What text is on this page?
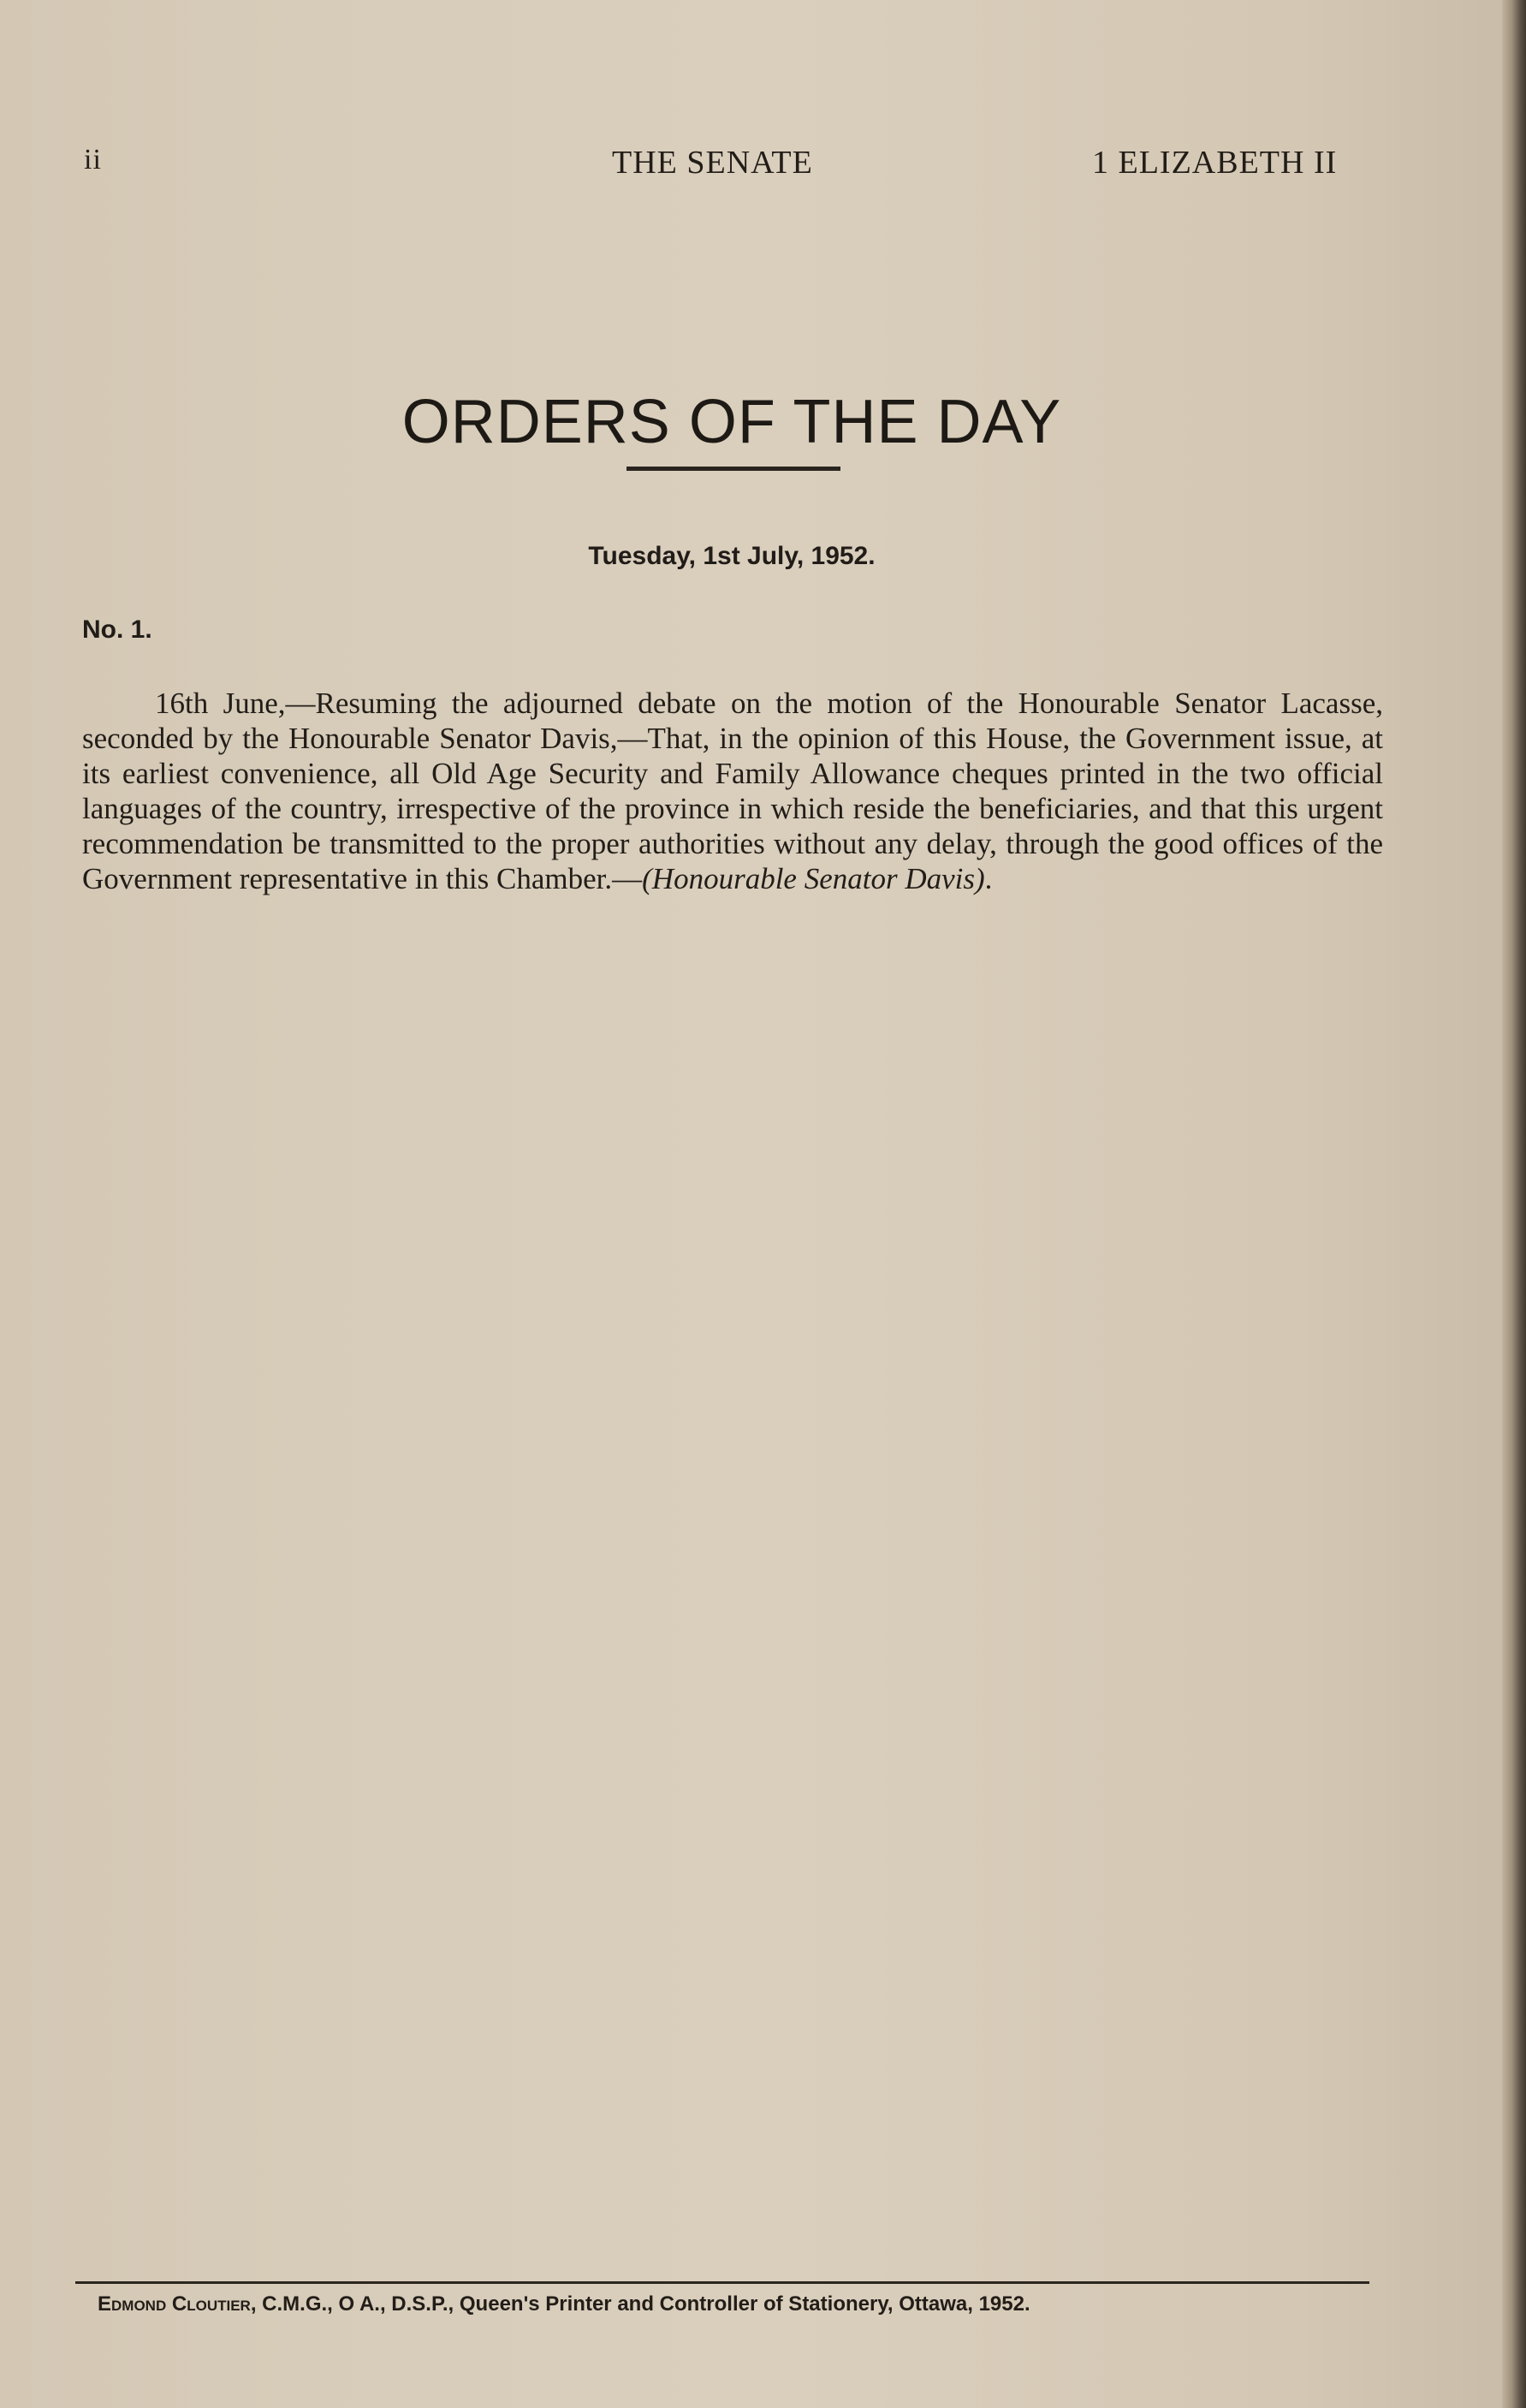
ii	THE SENATE	1 ELIZABETH II
ORDERS OF THE DAY
Tuesday, 1st July, 1952.
No. 1.

16th June,—Resuming the adjourned debate on the motion of the Honourable Senator Lacasse, seconded by the Honourable Senator Davis,—That, in the opinion of this House, the Government issue, at its earliest convenience, all Old Age Security and Family Allowance cheques printed in the two official languages of the country, irrespective of the province in which reside the beneficiaries, and that this urgent recommendation be transmitted to the proper authorities without any delay, through the good offices of the Government representative in this Chamber.—(Honourable Senator Davis).

Edmond Cloutier, C.M.G., O A., D.S.P., Queen's Printer and Controller of Stationery, Ottawa, 1952.
